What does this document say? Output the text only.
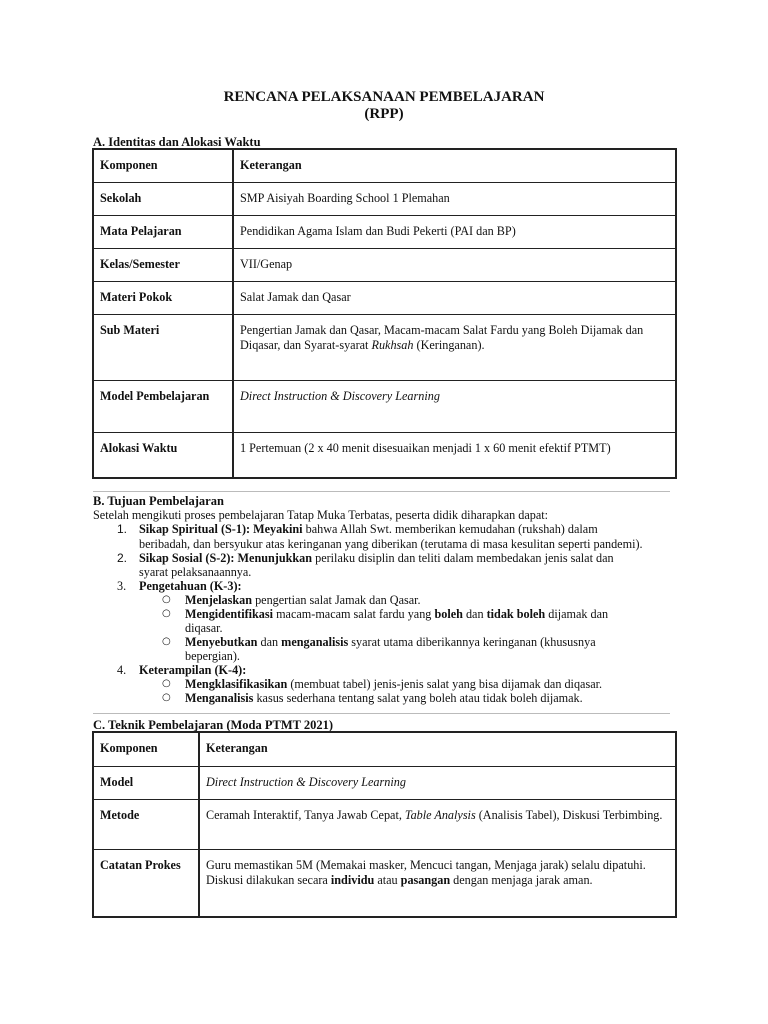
RENCANA PELAKSANAAN PEMBELAJARAN
(RPP)
A. Identitas dan Alokasi Waktu
Komponen	Keterangan
Sekolah	SMP Aisiyah Boarding School 1 Plemahan
Mata Pelajaran	Pendidikan Agama Islam dan Budi Pekerti (PAI dan BP)
Kelas/Semester	VII/Genap
Materi Pokok	Salat Jamak dan Qasar
Sub Materi	Pengertian Jamak dan Qasar, Macam-macam Salat Fardu yang Boleh Dijamak dan Diqasar, dan Syarat-syarat Rukhsah (Keringanan).
Model Pembelajaran	Direct Instruction & Discovery Learning
Alokasi Waktu	1 Pertemuan (2 x 40 menit disesuaikan menjadi 1 x 60 menit efektif PTMT)
B. Tujuan Pembelajaran
Setelah mengikuti proses pembelajaran Tatap Muka Terbatas, peserta didik diharapkan dapat:
1. Sikap Spiritual (S-1): Meyakini bahwa Allah Swt. memberikan kemudahan (rukshah) dalam
beribadah, dan bersyukur atas keringanan yang diberikan (terutama di masa kesulitan seperti pandemi).
2. Sikap Sosial (S-2): Menunjukkan perilaku disiplin dan teliti dalam membedakan jenis salat dan
syarat pelaksanaannya.
3. Pengetahuan (K-3):
○ Menjelaskan pengertian salat Jamak dan Qasar.
○ Mengidentifikasi macam-macam salat fardu yang boleh dan tidak boleh dijamak dan
diqasar.
○ Menyebutkan dan menganalisis syarat utama diberikannya keringanan (khususnya
bepergian).
4. Keterampilan (K-4):
○ Mengklasifikasikan (membuat tabel) jenis-jenis salat yang bisa dijamak dan diqasar.
○ Menganalisis kasus sederhana tentang salat yang boleh atau tidak boleh dijamak.
C. Teknik Pembelajaran (Moda PTMT 2021)
Komponen	Keterangan
Model	Direct Instruction & Discovery Learning
Metode	Ceramah Interaktif, Tanya Jawab Cepat, Table Analysis (Analisis Tabel), Diskusi Terbimbing.
Catatan Prokes	Guru memastikan 5M (Memakai masker, Mencuci tangan, Menjaga jarak) selalu dipatuhi. Diskusi dilakukan secara individu atau pasangan dengan menjaga jarak aman.
